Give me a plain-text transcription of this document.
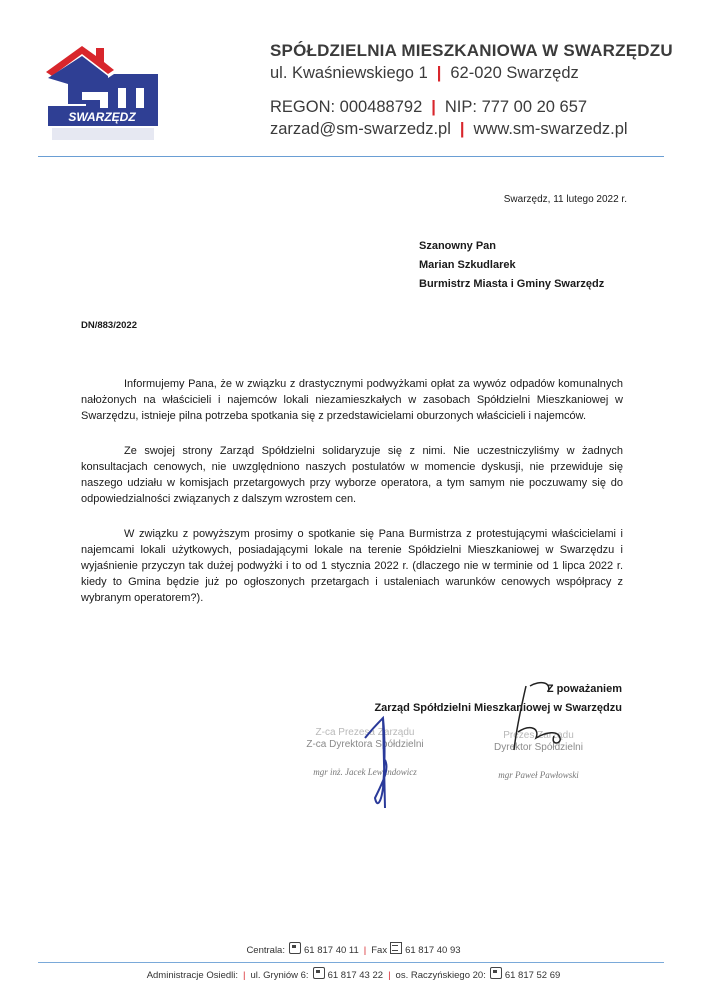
SWARZĘDZ
SPÓŁDZIELNIA MIESZKANIOWA W SWARZĘDZU
ul. Kwaśniewskiego 1 | 62-020 Swarzędz
REGON: 000488792 | NIP: 777 00 20 657
zarzad@sm-swarzedz.pl | www.sm-swarzedz.pl
Swarzędz, 11 lutego 2022 r.
Szanowny Pan
Marian Szkudlarek
Burmistrz Miasta i Gminy Swarzędz
DN/883/2022

Informujemy Pana, że w związku z drastycznymi podwyżkami opłat za wywóz odpadów komunalnych nałożonych na właścicieli i najemców lokali niezamieszkałych w zasobach Spółdzielni Mieszkaniowej w Swarzędzu, istnieje pilna potrzeba spotkania się z przedstawicielami oburzonych właścicieli i najemców.

Ze swojej strony Zarząd Spółdzielni solidaryzuje się z nimi. Nie uczestniczyliśmy w żadnych konsultacjach cenowych, nie uwzględniono naszych postulatów w momencie dyskusji, nie przewiduje się naszego udziału w komisjach przetargowych przy wyborze operatora, a tym samym nie poczuwamy się do odpowiedzialności związanych z dalszym wzrostem cen.

W związku z powyższym prosimy o spotkanie się Pana Burmistrza z protestującymi właścicielami i najemcami lokali użytkowych, posiadającymi lokale na terenie Spółdzielni Mieszkaniowej w Swarzędzu i wyjaśnienie przyczyn tak dużej podwyżki i to od 1 stycznia 2022 r. (dlaczego nie w terminie od 1 lipca 2022 r. kiedy to Gmina będzie już po ogłoszonych przetargach i ustaleniach warunków cenowych współpracy z wybranym operatorem?).

Z poważaniem
Zarząd Spółdzielni Mieszkaniowej w Swarzędzu
Z-ca Prezesa Zarządu
Z-ca Dyrektora Spółdzielni
mgr inż. Jacek Lewandowicz
Prezes Zarządu
Dyrektor Spółdzielni
mgr Paweł Pawłowski
Centrala: 61 817 40 11 | Fax 61 817 40 93
Administracje Osiedli: | ul. Gryniów 6: 61 817 43 22 | os. Raczyńskiego 20: 61 817 52 69
